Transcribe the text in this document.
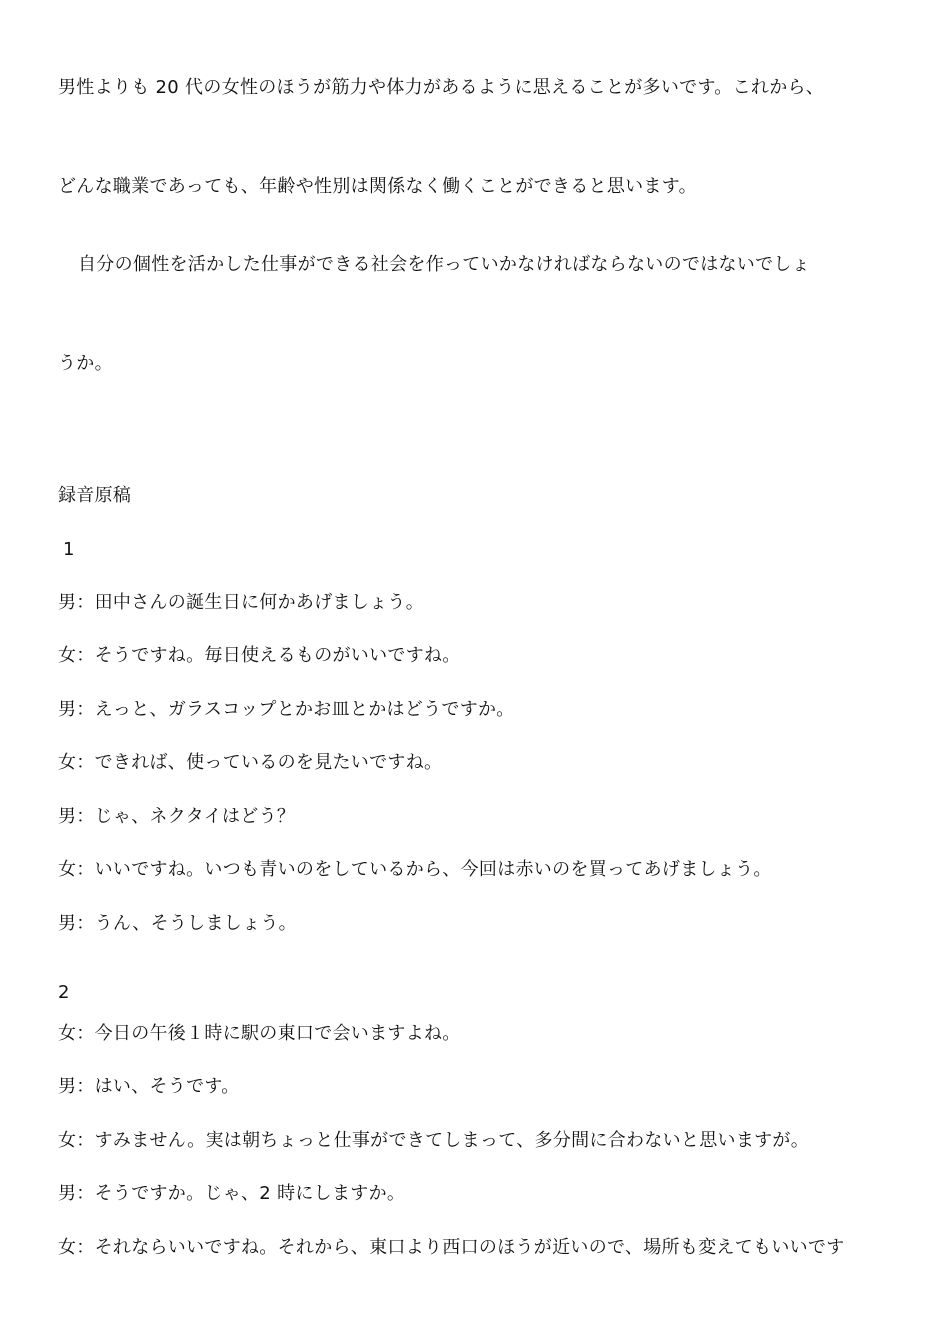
男性よりも 20 代の女性のほうが筋力や体力があるように思えることが多いです。これから、
どんな職業であっても、年齢や性別は関係なく働くことができると思います。
自分の個性を活かした仕事ができる社会を作っていかなければならないのではないでしょ
うか。
録音原稿
1
男：田中さんの誕生日に何かあげましょう。
女：そうですね。毎日使えるものがいいですね。
男：えっと、ガラスコップとかお皿とかはどうですか。
女：できれば、使っているのを見たいですね。
男：じゃ、ネクタイはどう？
女：いいですね。いつも青いのをしているから、今回は赤いのを買ってあげましょう。
男：うん、そうしましょう。
2
女：今日の午後１時に駅の東口で会いますよね。
男：はい、そうです。
女：すみません。実は朝ちょっと仕事ができてしまって、多分間に合わないと思いますが。
男：そうですか。じゃ、2 時にしますか。
女：それならいいですね。それから、東口より西口のほうが近いので、場所も変えてもいいです
